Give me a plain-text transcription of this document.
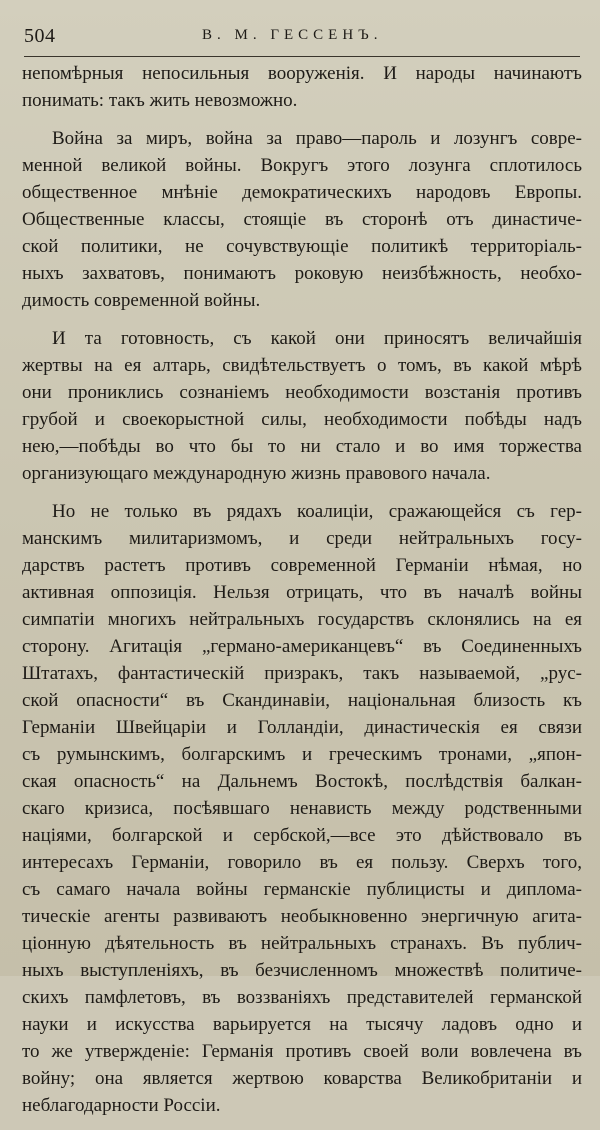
504	В. М. ГЕССЕНЪ.

непомѣрныя непосильныя вооруженія. И народы начинаютъ
понимать: такъ жить невозможно.

Война за миръ, война за право—пароль и лозунгъ совре-
менной великой войны. Вокругъ этого лозунга сплотилось
общественное мнѣніе демократическихъ народовъ Европы.
Общественные классы, стоящіе въ сторонѣ отъ династиче-
ской политики, не сочувствующіе политикѣ территоріаль-
ныхъ захватовъ, понимаютъ роковую неизбѣжность, необхо-
димость современной войны.

И та готовность, съ какой они приносятъ величайшія
жертвы на ея алтарь, свидѣтельствуетъ о томъ, въ какой мѣрѣ
они прониклись сознаніемъ необходимости возстанія противъ
грубой и своекорыстной силы, необходимости побѣды надъ
нею,—побѣды во что бы то ни стало и во имя торжества
организующаго международную жизнь правового начала.

Но не только въ рядахъ коалиціи, сражающейся съ гер-
манскимъ милитаризмомъ, и среди нейтральныхъ госу-
дарствъ растетъ противъ современной Германіи нѣмая, но
активная оппозиція. Нельзя отрицать, что въ началѣ войны
симпатіи многихъ нейтральныхъ государствъ склонялись на ея
сторону. Агитація „германо-американцевъ“ въ Соединенныхъ
Штатахъ, фантастическій призракъ, такъ называемой, „рус-
ской опасности“ въ Скандинавіи, національная близость къ
Германіи Швейцаріи и Голландіи, династическія ея связи
съ румынскимъ, болгарскимъ и греческимъ тронами, „япон-
ская опасность“ на Дальнемъ Востокѣ, послѣдствія балкан-
скаго кризиса, посѣявшаго ненависть между родственными
націями, болгарской и сербской,—все это дѣйствовало въ
интересахъ Германіи, говорило въ ея пользу. Сверхъ того,
съ самаго начала войны германскіе публицисты и диплома-
тическіе агенты развиваютъ необыкновенно энергичную агита-
ціонную дѣятельность въ нейтральныхъ странахъ. Въ публич-
ныхъ выступленіяхъ, въ безчисленномъ множествѣ политиче-
скихъ памфлетовъ, въ воззваніяхъ представителей германской
науки и искусства варьируется на тысячу ладовъ одно и
то же утвержденіе: Германія противъ своей воли вовлечена въ
войну; она является жертвою коварства Великобританіи и
неблагодарности Россіи.
